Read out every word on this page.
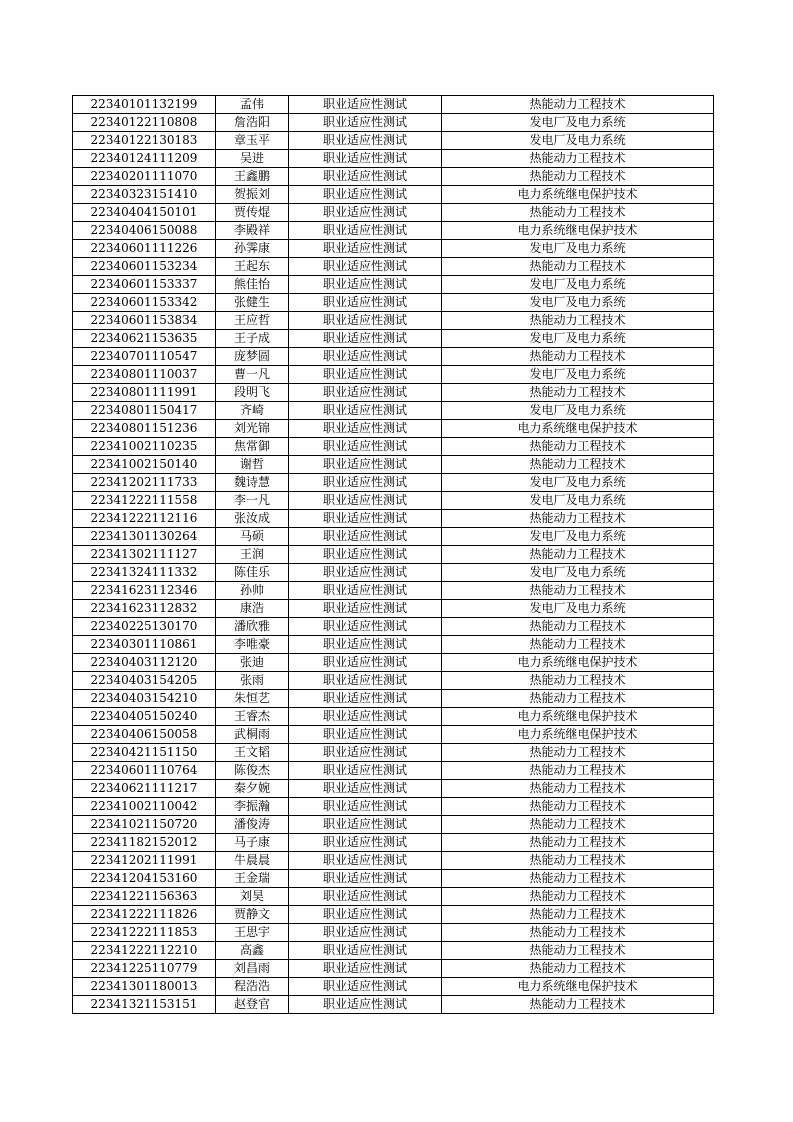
22340101132199	孟伟	职业适应性测试	热能动力工程技术
22340122110808	詹浩阳	职业适应性测试	发电厂及电力系统
22340122130183	章玉平	职业适应性测试	发电厂及电力系统
22340124111209	吴进	职业适应性测试	热能动力工程技术
22340201111070	王鑫鹏	职业适应性测试	热能动力工程技术
22340323151410	贺振刘	职业适应性测试	电力系统继电保护技术
22340404150101	贾传焜	职业适应性测试	热能动力工程技术
22340406150088	李殿祥	职业适应性测试	电力系统继电保护技术
22340601111226	孙霁康	职业适应性测试	发电厂及电力系统
22340601153234	王起东	职业适应性测试	热能动力工程技术
22340601153337	熊佳怡	职业适应性测试	发电厂及电力系统
22340601153342	张健生	职业适应性测试	发电厂及电力系统
22340601153834	王应哲	职业适应性测试	热能动力工程技术
22340621153635	王子成	职业适应性测试	发电厂及电力系统
22340701110547	庞梦圆	职业适应性测试	热能动力工程技术
22340801110037	曹一凡	职业适应性测试	发电厂及电力系统
22340801111991	段明飞	职业适应性测试	热能动力工程技术
22340801150417	齐崎	职业适应性测试	发电厂及电力系统
22340801151236	刘光锦	职业适应性测试	电力系统继电保护技术
22341002110235	焦常御	职业适应性测试	热能动力工程技术
22341002150140	谢哲	职业适应性测试	热能动力工程技术
22341202111733	魏诗慧	职业适应性测试	发电厂及电力系统
22341222111558	李一凡	职业适应性测试	发电厂及电力系统
22341222112116	张汝成	职业适应性测试	热能动力工程技术
22341301130264	马硕	职业适应性测试	发电厂及电力系统
22341302111127	王润	职业适应性测试	热能动力工程技术
22341324111332	陈佳乐	职业适应性测试	发电厂及电力系统
22341623112346	孙帅	职业适应性测试	热能动力工程技术
22341623112832	康浩	职业适应性测试	发电厂及电力系统
22340225130170	潘欣雅	职业适应性测试	热能动力工程技术
22340301110861	李唯豪	职业适应性测试	热能动力工程技术
22340403112120	张迪	职业适应性测试	电力系统继电保护技术
22340403154205	张雨	职业适应性测试	热能动力工程技术
22340403154210	朱恒艺	职业适应性测试	热能动力工程技术
22340405150240	王睿杰	职业适应性测试	电力系统继电保护技术
22340406150058	武桐雨	职业适应性测试	电力系统继电保护技术
22340421151150	王文韬	职业适应性测试	热能动力工程技术
22340601110764	陈俊杰	职业适应性测试	热能动力工程技术
22340621111217	秦夕婉	职业适应性测试	热能动力工程技术
22341002110042	李振瀚	职业适应性测试	热能动力工程技术
22341021150720	潘俊涛	职业适应性测试	热能动力工程技术
22341182152012	马子康	职业适应性测试	热能动力工程技术
22341202111991	牛晨晨	职业适应性测试	热能动力工程技术
22341204153160	王金瑞	职业适应性测试	热能动力工程技术
22341221156363	刘昊	职业适应性测试	热能动力工程技术
22341222111826	贾静文	职业适应性测试	热能动力工程技术
22341222111853	王思宇	职业适应性测试	热能动力工程技术
22341222112210	高鑫	职业适应性测试	热能动力工程技术
22341225110779	刘昌雨	职业适应性测试	热能动力工程技术
22341301180013	程浩浩	职业适应性测试	电力系统继电保护技术
22341321153151	赵登官	职业适应性测试	热能动力工程技术
